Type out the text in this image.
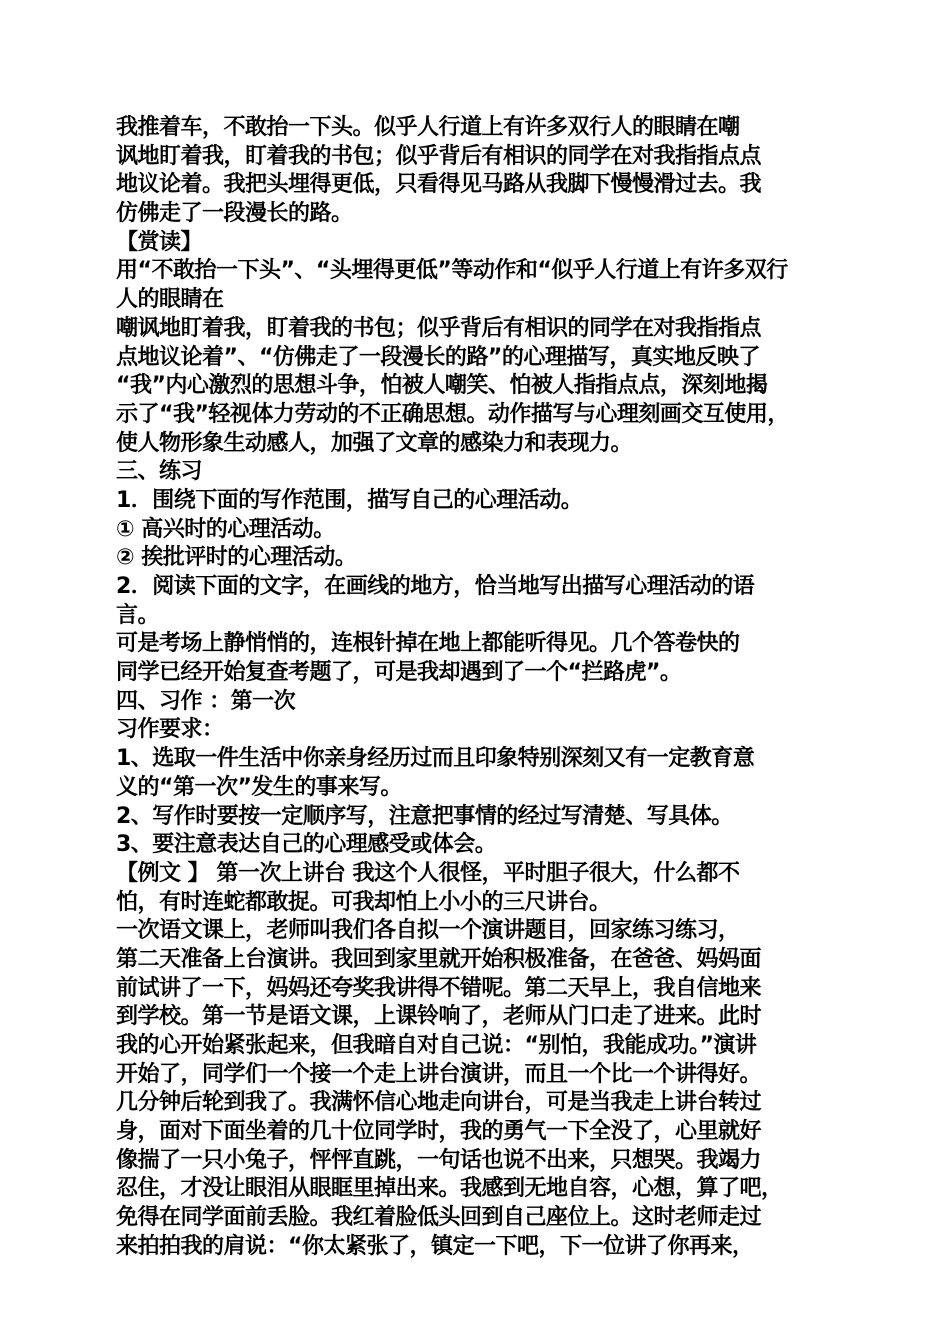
我推着车，不敢抬一下头。似乎人行道上有许多双行人的眼睛在嘲
讽地盯着我，盯着我的书包；似乎背后有相识的同学在对我指指点点
地议论着。我把头埋得更低，只看得见马路从我脚下慢慢滑过去。我
仿佛走了一段漫长的路。
【赏读】
用“不敢抬一下头”、“头埋得更低”等动作和“似乎人行道上有许多双行
人的眼睛在
嘲讽地盯着我，盯着我的书包；似乎背后有相识的同学在对我指指点
点地议论着”、“仿佛走了一段漫长的路”的心理描写，真实地反映了
“我”内心激烈的思想斗争，怕被人嘲笑、怕被人指指点点，深刻地揭
示了“我”轻视体力劳动的不正确思想。动作描写与心理刻画交互使用，
使人物形象生动感人，加强了文章的感染力和表现力。
三、练习
1．围绕下面的写作范围，描写自己的心理活动。
① 高兴时的心理活动。
② 挨批评时的心理活动。
2．阅读下面的文字，在画线的地方，恰当地写出描写心理活动的语
言。
可是考场上静悄悄的，连根针掉在地上都能听得见。几个答卷快的
同学已经开始复查考题了，可是我却遇到了一个“拦路虎”。
四、习作 ：第一次
习作要求：
1、选取一件生活中你亲身经历过而且印象特别深刻又有一定教育意
义的“第一次”发生的事来写。
2、写作时要按一定顺序写，注意把事情的经过写清楚、写具体。
3、要注意表达自己的心理感受或体会。
【例文 】 第一次上讲台 我这个人很怪，平时胆子很大，什么都不
怕，有时连蛇都敢捉。可我却怕上小小的三尺讲台。
一次语文课上，老师叫我们各自拟一个演讲题目，回家练习练习，
第二天准备上台演讲。我回到家里就开始积极准备，在爸爸、妈妈面
前试讲了一下，妈妈还夸奖我讲得不错呢。第二天早上，我自信地来
到学校。第一节是语文课，上课铃响了，老师从门口走了进来。此时
我的心开始紧张起来，但我暗自对自己说：“别怕，我能成功。”演讲
开始了，同学们一个接一个走上讲台演讲，而且一个比一个讲得好。
几分钟后轮到我了。我满怀信心地走向讲台，可是当我走上讲台转过
身，面对下面坐着的几十位同学时，我的勇气一下全没了，心里就好
像揣了一只小兔子，怦怦直跳，一句话也说不出来，只想哭。我竭力
忍住，才没让眼泪从眼眶里掉出来。我感到无地自容，心想，算了吧，
免得在同学面前丢脸。我红着脸低头回到自己座位上。这时老师走过
来拍拍我的肩说：“你太紧张了，镇定一下吧，下一位讲了你再来，
